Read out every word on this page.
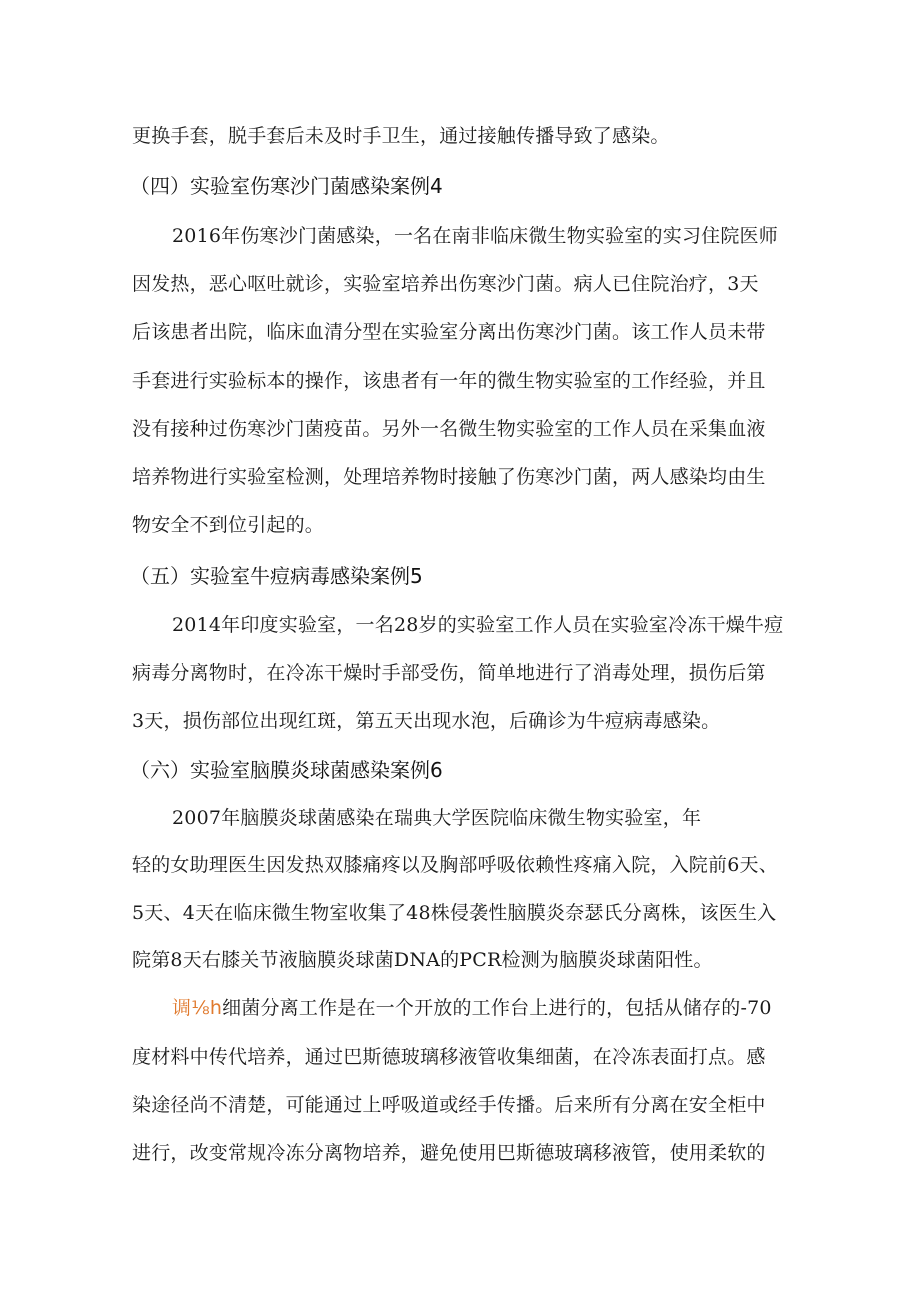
更换手套，脱手套后未及时手卫生，通过接触传播导致了感染。
（四）实验室伤寒沙门菌感染案例4
2016年伤寒沙门菌感染，一名在南非临床微生物实验室的实习住院医师
因发热，恶心呕吐就诊，实验室培养出伤寒沙门菌。病人已住院治疗，3天
后该患者出院，临床血清分型在实验室分离出伤寒沙门菌。该工作人员未带
手套进行实验标本的操作，该患者有一年的微生物实验室的工作经验，并且
没有接种过伤寒沙门菌疫苗。另外一名微生物实验室的工作人员在采集血液
培养物进行实验室检测，处理培养物时接触了伤寒沙门菌，两人感染均由生
物安全不到位引起的。
（五）实验室牛痘病毒感染案例5
2014年印度实验室，一名28岁的实验室工作人员在实验室冷冻干燥牛痘
病毒分离物时，在冷冻干燥时手部受伤，简单地进行了消毒处理，损伤后第
3天，损伤部位出现红斑，第五天出现水泡，后确诊为牛痘病毒感染。
（六）实验室脑膜炎球菌感染案例6
2007年脑膜炎球菌感染在瑞典大学医院临床微生物实验室，年
轻的女助理医生因发热双膝痛疼以及胸部呼吸依赖性疼痛入院，入院前6天、
5天、4天在临床微生物室收集了48株侵袭性脑膜炎奈瑟氏分离株，该医生入
院第8天右膝关节液脑膜炎球菌DNA的PCR检测为脑膜炎球菌阳性。
调⅛h细菌分离工作是在一个开放的工作台上进行的，包括从储存的-70
度材料中传代培养，通过巴斯德玻璃移液管收集细菌，在冷冻表面打点。感
染途径尚不清楚，可能通过上呼吸道或经手传播。后来所有分离在安全柜中
进行，改变常规冷冻分离物培养，避免使用巴斯德玻璃移液管，使用柔软的
